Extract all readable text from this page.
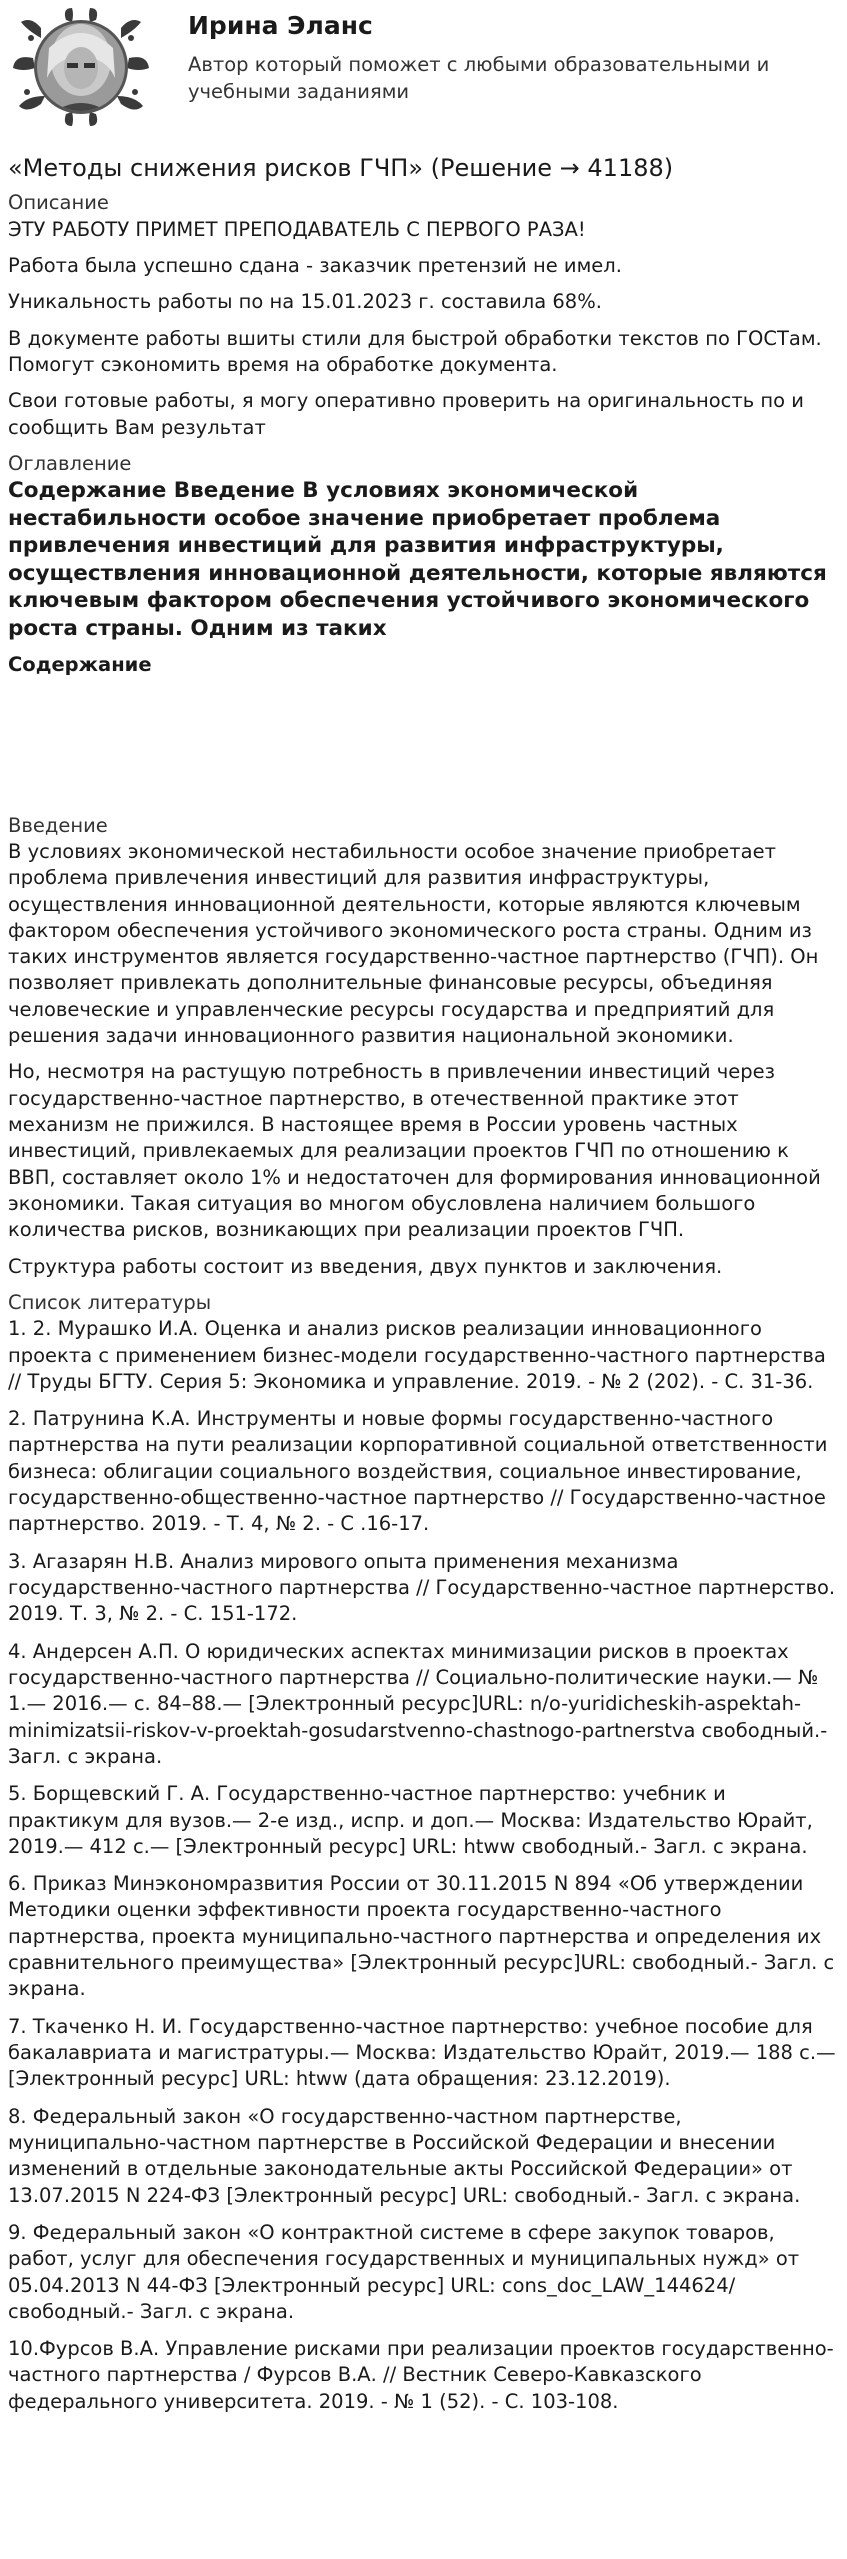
Ирина Эланс
Автор который поможет с любыми образовательными и учебными заданиями
«Методы снижения рисков ГЧП» (Решение → 41188)
Описание

ЭТУ РАБОТУ ПРИМЕТ ПРЕПОДАВАТЕЛЬ С ПЕРВОГО РАЗА!

Работа была успешно сдана - заказчик претензий не имел.

Уникальность работы по на 15.01.2023 г. составила 68%.

В документе работы вшиты стили для быстрой обработки текстов по ГОСТам. Помогут сэкономить время на обработке документа.

Свои готовые работы, я могу оперативно проверить на оригинальность по и сообщить Вам результат

Оглавление
Содержание Введение В условиях экономической нестабильности особое значение приобретает проблема привлечения инвестиций для развития инфраструктуры, осуществления инновационной деятельности, которые являются ключевым фактором обеспечения устойчивого экономического роста страны. Одним из таких
Содержание
Введение

В условиях экономической нестабильности особое значение приобретает проблема привлечения инвестиций для развития инфраструктуры, осуществления инновационной деятельности, которые являются ключевым фактором обеспечения устойчивого экономического роста страны. Одним из таких инструментов является государственно-частное партнерство (ГЧП). Он позволяет привлекать дополнительные финансовые ресурсы, объединяя человеческие и управленческие ресурсы государства и предприятий для решения задачи инновационного развития национальной экономики.

Но, несмотря на растущую потребность в привлечении инвестиций через государственно-частное партнерство, в отечественной практике этот механизм не прижился. В настоящее время в России уровень частных инвестиций, привлекаемых для реализации проектов ГЧП по отношению к ВВП, составляет около 1% и недостаточен для формирования инновационной экономики. Такая ситуация во многом обусловлена наличием большого количества рисков, возникающих при реализации проектов ГЧП.

Структура работы состоит из введения, двух пунктов и заключения.

Список литературы

1. 2. Мурашко И.А. Оценка и анализ рисков реализации инновационного проекта с применением бизнес-модели государственно-частного партнерства // Труды БГТУ. Серия 5: Экономика и управление. 2019. - № 2 (202). - С. 31-36.

2. Патрунина К.А. Инструменты и новые формы государственно-частного партнерства на пути реализации корпоративной социальной ответственности бизнеса: облигации социального воздействия, социальное инвестирование, государственно-общественно-частное партнерство // Государственно-частное партнерство. 2019. - Т. 4, № 2. - С .16-17.

3. Агазарян Н.В. Анализ мирового опыта применения механизма государственно-частного партнерства // Государственно-частное партнерство. 2019. Т. 3, № 2. - С. 151-172.

4. Андерсен А.П. О юридических аспектах минимизации рисков в проектах государственно-частного партнерства // Социально-политические науки.— № 1.— 2016.— с. 84–88.— [Электронный ресурс]URL: n/o-yuridicheskih-aspektah-minimizatsii-riskov-v-proektah-gosudarstvenno-chastnogo-partnerstva свободный.- Загл. с экрана.

5. Борщевский Г. А. Государственно-частное партнерство: учебник и практикум для вузов.— 2-е изд., испр. и доп.— Москва: Издательство Юрайт, 2019.— 412 с.— [Электронный ресурс] URL: htww свободный.- Загл. с экрана.

6. Приказ Минэкономразвития России от 30.11.2015 N 894 «Об утверждении Методики оценки эффективности проекта государственно-частного партнерства, проекта муниципально-частного партнерства и определения их сравнительного преимущества» [Электронный ресурс]URL: свободный.- Загл. с экрана.

7. Ткаченко Н. И. Государственно-частное партнерство: учебное пособие для бакалавриата и магистратуры.— Москва: Издательство Юрайт, 2019.— 188 с.— [Электронный ресурс] URL: htww (дата обращения: 23.12.2019).

8. Федеральный закон «О государственно-частном партнерстве, муниципально-частном партнерстве в Российской Федерации и внесении изменений в отдельные законодательные акты Российской Федерации» от 13.07.2015 N 224-ФЗ [Электронный ресурс] URL: свободный.- Загл. с экрана.

9. Федеральный закон «О контрактной системе в сфере закупок товаров, работ, услуг для обеспечения государственных и муниципальных нужд» от 05.04.2013 N 44-ФЗ [Электронный ресурс] URL: cons_doc_LAW_144624/ свободный.- Загл. с экрана.

10.Фурсов В.А. Управление рисками при реализации проектов государственно-частного партнерства / Фурсов В.А. // Вестник Северо-Кавказского федерального университета. 2019. - № 1 (52). - С. 103-108.
